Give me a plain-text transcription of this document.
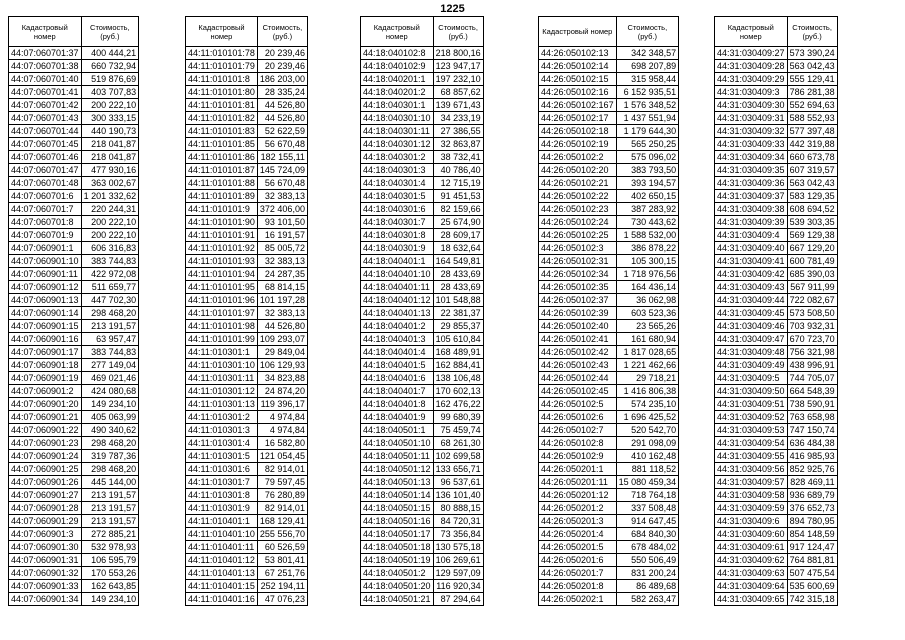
1225
Кадастровый номер	Стоимость, (руб.)
44:07:060701:37	400 444,21
44:07:060701:38	660 732,94
44:07:060701:40	519 876,69
44:07:060701:41	403 707,83
44:07:060701:42	200 222,10
44:07:060701:43	300 333,15
44:07:060701:44	440 190,73
44:07:060701:45	218 041,87
44:07:060701:46	218 041,87
44:07:060701:47	477 930,16
44:07:060701:48	363 002,67
44:07:060701:6	1 201 332,62
44:07:060701:7	220 244,31
44:07:060701:8	200 222,10
44:07:060701:9	200 222,10
44:07:060901:1	606 316,83
44:07:060901:10	383 744,83
44:07:060901:11	422 972,08
44:07:060901:12	511 659,77
44:07:060901:13	447 702,30
44:07:060901:14	298 468,20
44:07:060901:15	213 191,57
44:07:060901:16	63 957,47
44:07:060901:17	383 744,83
44:07:060901:18	277 149,04
44:07:060901:19	469 021,46
44:07:060901:2	424 080,68
44:07:060901:20	149 234,10
44:07:060901:21	405 063,99
44:07:060901:22	490 340,62
44:07:060901:23	298 468,20
44:07:060901:24	319 787,36
44:07:060901:25	298 468,20
44:07:060901:26	445 144,00
44:07:060901:27	213 191,57
44:07:060901:28	213 191,57
44:07:060901:29	213 191,57
44:07:060901:3	272 885,21
44:07:060901:30	532 978,93
44:07:060901:31	106 595,79
44:07:060901:32	170 553,26
44:07:060901:33	162 643,85
44:07:060901:34	149 234,10
Кадастровый номер	Стоимость, (руб.)
44:11:010101:78	20 239,46
44:11:010101:79	20 239,46
44:11:010101:8	186 203,00
44:11:010101:80	28 335,24
44:11:010101:81	44 526,80
44:11:010101:82	44 526,80
44:11:010101:83	52 622,59
44:11:010101:85	56 670,48
44:11:010101:86	182 155,11
44:11:010101:87	145 724,09
44:11:010101:88	56 670,48
44:11:010101:89	32 383,13
44:11:010101:9	372 406,00
44:11:010101:90	93 101,50
44:11:010101:91	16 191,57
44:11:010101:92	85 005,72
44:11:010101:93	32 383,13
44:11:010101:94	24 287,35
44:11:010101:95	68 814,15
44:11:010101:96	101 197,28
44:11:010101:97	32 383,13
44:11:010101:98	44 526,80
44:11:010101:99	109 293,07
44:11:010301:1	29 849,04
44:11:010301:10	106 129,93
44:11:010301:11	34 823,88
44:11:010301:12	24 874,20
44:11:010301:13	119 396,17
44:11:010301:2	4 974,84
44:11:010301:3	4 974,84
44:11:010301:4	16 582,80
44:11:010301:5	121 054,45
44:11:010301:6	82 914,01
44:11:010301:7	79 597,45
44:11:010301:8	76 280,89
44:11:010301:9	82 914,01
44:11:010401:1	168 129,41
44:11:010401:10	255 556,70
44:11:010401:11	60 526,59
44:11:010401:12	53 801,41
44:11:010401:13	67 251,76
44:11:010401:15	252 194,11
44:11:010401:16	47 076,23
Кадастровый номер	Стоимость, (руб.)
44:18:040102:8	218 800,16
44:18:040102:9	123 947,17
44:18:040201:1	197 232,10
44:18:040201:2	68 857,62
44:18:040301:1	139 671,43
44:18:040301:10	34 233,19
44:18:040301:11	27 386,55
44:18:040301:12	32 863,87
44:18:040301:2	38 732,41
44:18:040301:3	40 786,40
44:18:040301:4	12 715,19
44:18:040301:5	91 451,53
44:18:040301:6	82 159,66
44:18:040301:7	25 674,90
44:18:040301:8	28 609,17
44:18:040301:9	18 632,64
44:18:040401:1	164 549,81
44:18:040401:10	28 433,69
44:18:040401:11	28 433,69
44:18:040401:12	101 548,88
44:18:040401:13	22 381,37
44:18:040401:2	29 855,37
44:18:040401:3	105 610,84
44:18:040401:4	168 489,91
44:18:040401:5	162 884,41
44:18:040401:6	138 106,48
44:18:040401:7	170 602,13
44:18:040401:8	162 476,22
44:18:040401:9	99 680,39
44:18:040501:1	75 459,74
44:18:040501:10	68 261,30
44:18:040501:11	102 699,58
44:18:040501:12	133 656,71
44:18:040501:13	96 537,61
44:18:040501:14	136 101,40
44:18:040501:15	80 888,15
44:18:040501:16	84 720,31
44:18:040501:17	73 356,84
44:18:040501:18	130 575,18
44:18:040501:19	106 269,61
44:18:040501:2	129 597,09
44:18:040501:20	116 920,34
44:18:040501:21	87 294,64
Кадастровый номер	Стоимость, (руб.)
44:26:050102:13	342 348,57
44:26:050102:14	698 207,89
44:26:050102:15	315 958,44
44:26:050102:16	6 152 935,51
44:26:050102:167	1 576 348,52
44:26:050102:17	1 437 551,94
44:26:050102:18	1 179 644,30
44:26:050102:19	565 250,25
44:26:050102:2	575 096,02
44:26:050102:20	383 793,50
44:26:050102:21	393 194,57
44:26:050102:22	402 650,15
44:26:050102:23	387 283,92
44:26:050102:24	730 443,62
44:26:050102:25	1 588 532,00
44:26:050102:3	386 878,22
44:26:050102:31	105 300,15
44:26:050102:34	1 718 976,56
44:26:050102:35	164 436,14
44:26:050102:37	36 062,98
44:26:050102:39	603 523,36
44:26:050102:40	23 565,26
44:26:050102:41	161 680,94
44:26:050102:42	1 817 028,65
44:26:050102:43	1 221 462,66
44:26:050102:44	29 718,21
44:26:050102:45	1 416 806,38
44:26:050102:5	574 235,10
44:26:050102:6	1 696 425,52
44:26:050102:7	520 542,70
44:26:050102:8	291 098,09
44:26:050102:9	410 162,48
44:26:050201:1	881 118,52
44:26:050201:11	15 080 459,34
44:26:050201:12	718 764,18
44:26:050201:2	337 508,48
44:26:050201:3	914 647,45
44:26:050201:4	684 840,30
44:26:050201:5	678 484,02
44:26:050201:6	550 506,49
44:26:050201:7	831 200,24
44:26:050201:8	86 489,68
44:26:050202:1	582 263,47
Кадастровый номер	Стоимость, (руб.)
44:31:030409:27	573 390,24
44:31:030409:28	563 042,43
44:31:030409:29	555 129,41
44:31:030409:3	786 281,38
44:31:030409:30	552 694,63
44:31:030409:31	588 552,93
44:31:030409:32	577 397,48
44:31:030409:33	442 319,88
44:31:030409:34	660 673,78
44:31:030409:35	607 319,57
44:31:030409:36	563 042,43
44:31:030409:37	583 129,35
44:31:030409:38	608 694,52
44:31:030409:39	539 303,35
44:31:030409:4	569 129,38
44:31:030409:40	667 129,20
44:31:030409:41	600 781,49
44:31:030409:42	685 390,03
44:31:030409:43	567 911,99
44:31:030409:44	722 082,67
44:31:030409:45	573 508,50
44:31:030409:46	703 932,31
44:31:030409:47	670 723,70
44:31:030409:48	756 321,98
44:31:030409:49	438 996,91
44:31:030409:5	744 705,07
44:31:030409:50	664 548,39
44:31:030409:51	738 590,91
44:31:030409:52	763 658,98
44:31:030409:53	747 150,74
44:31:030409:54	636 484,38
44:31:030409:55	416 985,93
44:31:030409:56	852 925,76
44:31:030409:57	828 469,11
44:31:030409:58	936 689,79
44:31:030409:59	376 652,73
44:31:030409:6	894 780,95
44:31:030409:60	854 148,59
44:31:030409:61	917 124,47
44:31:030409:62	764 881,81
44:31:030409:63	507 475,54
44:31:030409:64	535 600,69
44:31:030409:65	742 315,18
